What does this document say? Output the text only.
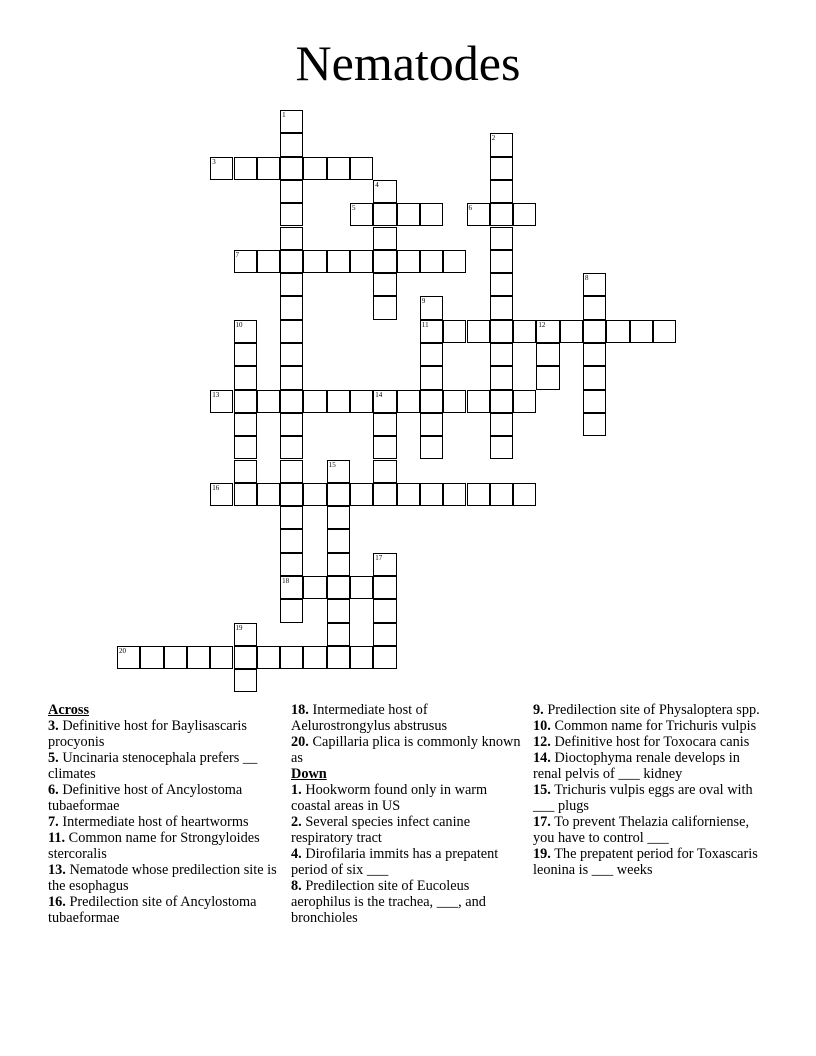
Nematodes
1
18
2
3
4
5	6
7
8
9
11
10	12
13	14
15
16
17
19
20

Across

3. Definitive host for Baylisascaris procyonis

5. Uncinaria stenocephala prefers __ climates

6. Definitive host of Ancylostoma tubaeformae

7. Intermediate host of heartworms

11. Common name for Strongyloides stercoralis

13. Nematode whose predilection site is the esophagus

16. Predilection site of Ancylostoma tubaeformae

18. Intermediate host of Aelurostrongylus abstrusus

20. Capillaria plica is commonly known as

Down

1. Hookworm found only in warm coastal areas in US

2. Several species infect canine respiratory tract

4. Dirofilaria immits has a prepatent period of six ___

8. Predilection site of Eucoleus aerophilus is the trachea, ___, and bronchioles

9. Predilection site of Physaloptera spp.

10. Common name for Trichuris vulpis

12. Definitive host for Toxocara canis

14. Dioctophyma renale develops in renal pelvis of ___ kidney

15. Trichuris vulpis eggs are oval with ___ plugs

17. To prevent Thelazia californiense, you have to control ___

19. The prepatent period for Toxascaris leonina is ___ weeks
